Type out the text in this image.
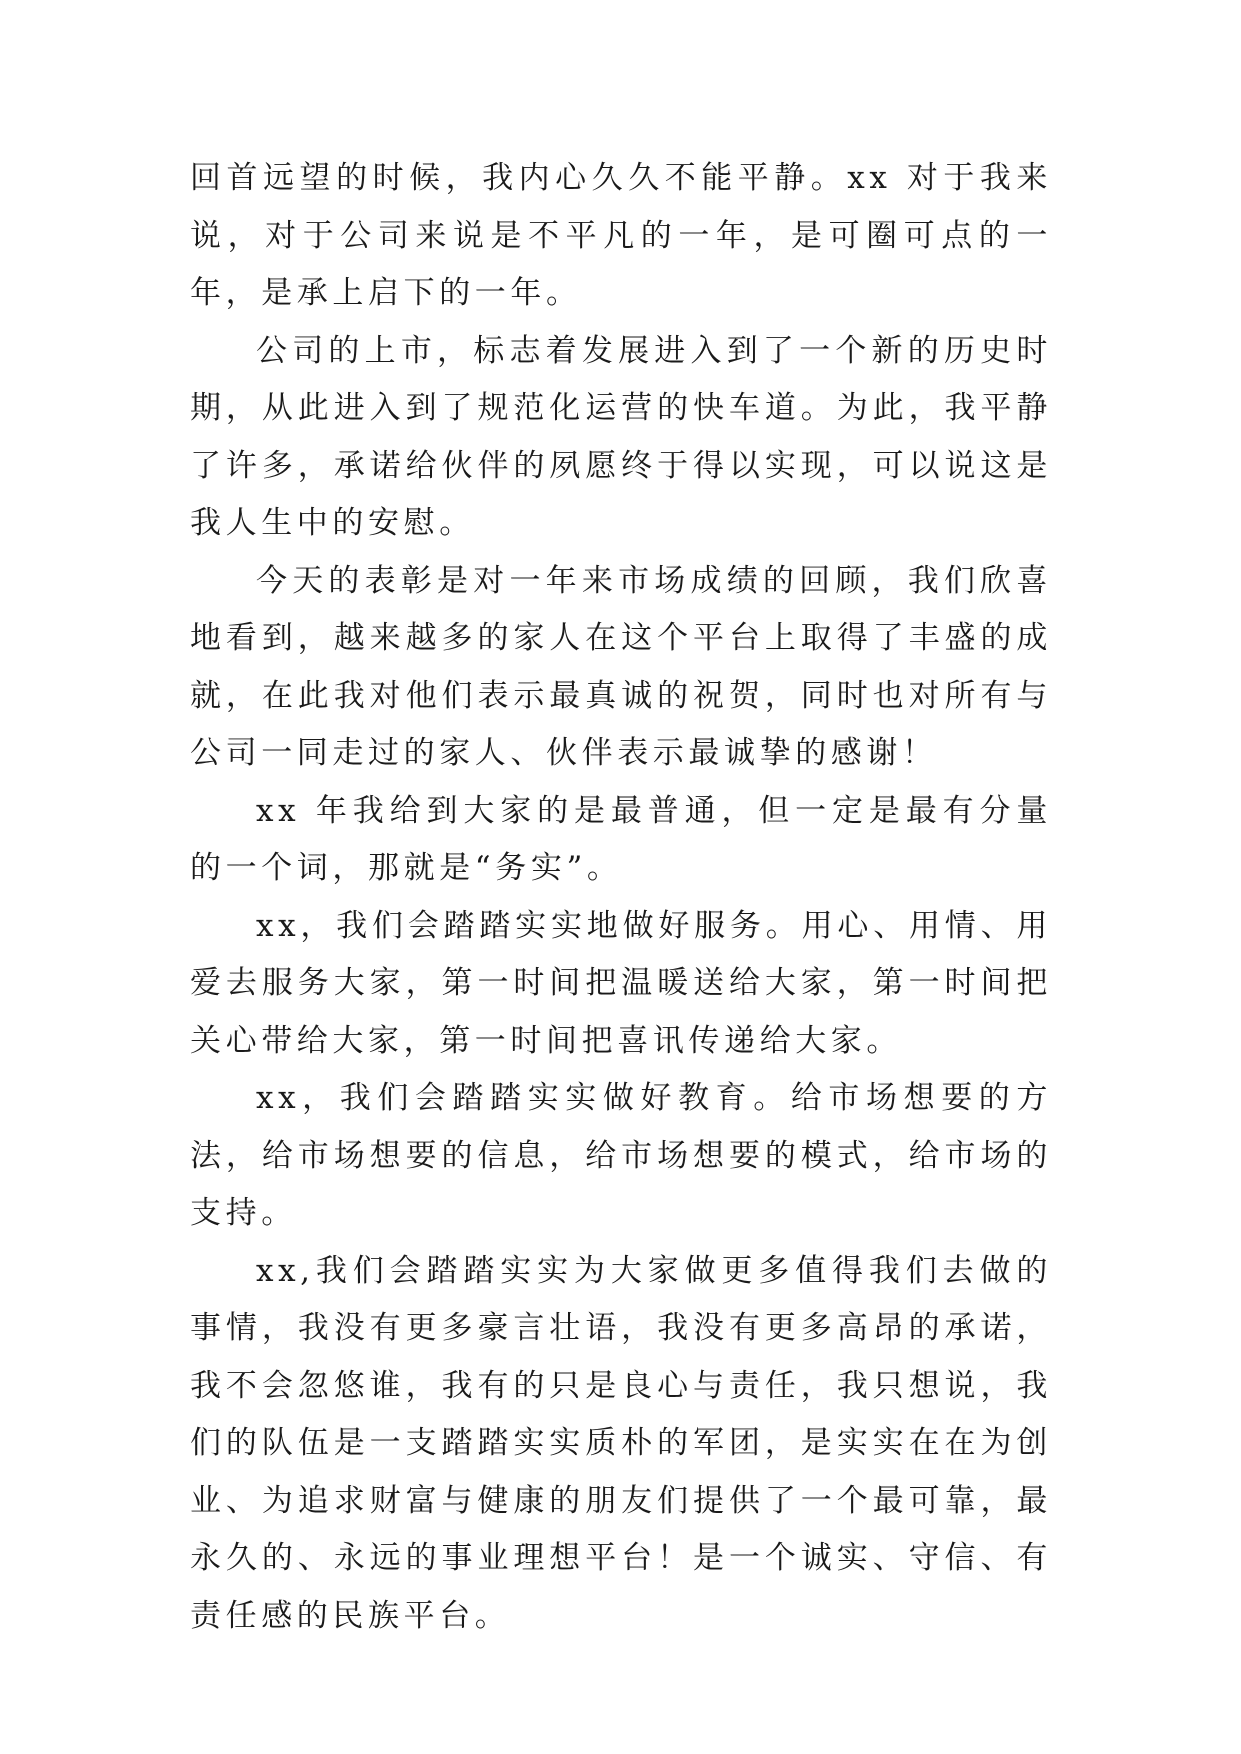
回首远望的时候，我内心久久不能平静。xx 对于我来说，对于公司来说是不平凡的一年，是可圈可点的一年，是承上启下的一年。

公司的上市，标志着发展进入到了一个新的历史时期，从此进入到了规范化运营的快车道。为此，我平静了许多，承诺给伙伴的夙愿终于得以实现，可以说这是我人生中的安慰。

今天的表彰是对一年来市场成绩的回顾，我们欣喜地看到，越来越多的家人在这个平台上取得了丰盛的成就，在此我对他们表示最真诚的祝贺，同时也对所有与公司一同走过的家人、伙伴表示最诚挚的感谢！

xx 年我给到大家的是最普通，但一定是最有分量的一个词，那就是“务实”。

xx，我们会踏踏实实地做好服务。用心、用情、用爱去服务大家，第一时间把温暖送给大家，第一时间把关心带给大家，第一时间把喜讯传递给大家。

xx，我们会踏踏实实做好教育。给市场想要的方法，给市场想要的信息，给市场想要的模式，给市场的支持。

xx,我们会踏踏实实为大家做更多值得我们去做的事情，我没有更多豪言壮语，我没有更多高昂的承诺，我不会忽悠谁，我有的只是良心与责任，我只想说，我们的队伍是一支踏踏实实质朴的军团，是实实在在为创业、为追求财富与健康的朋友们提供了一个最可靠，最永久的、永远的事业理想平台！是一个诚实、守信、有责任感的民族平台。
